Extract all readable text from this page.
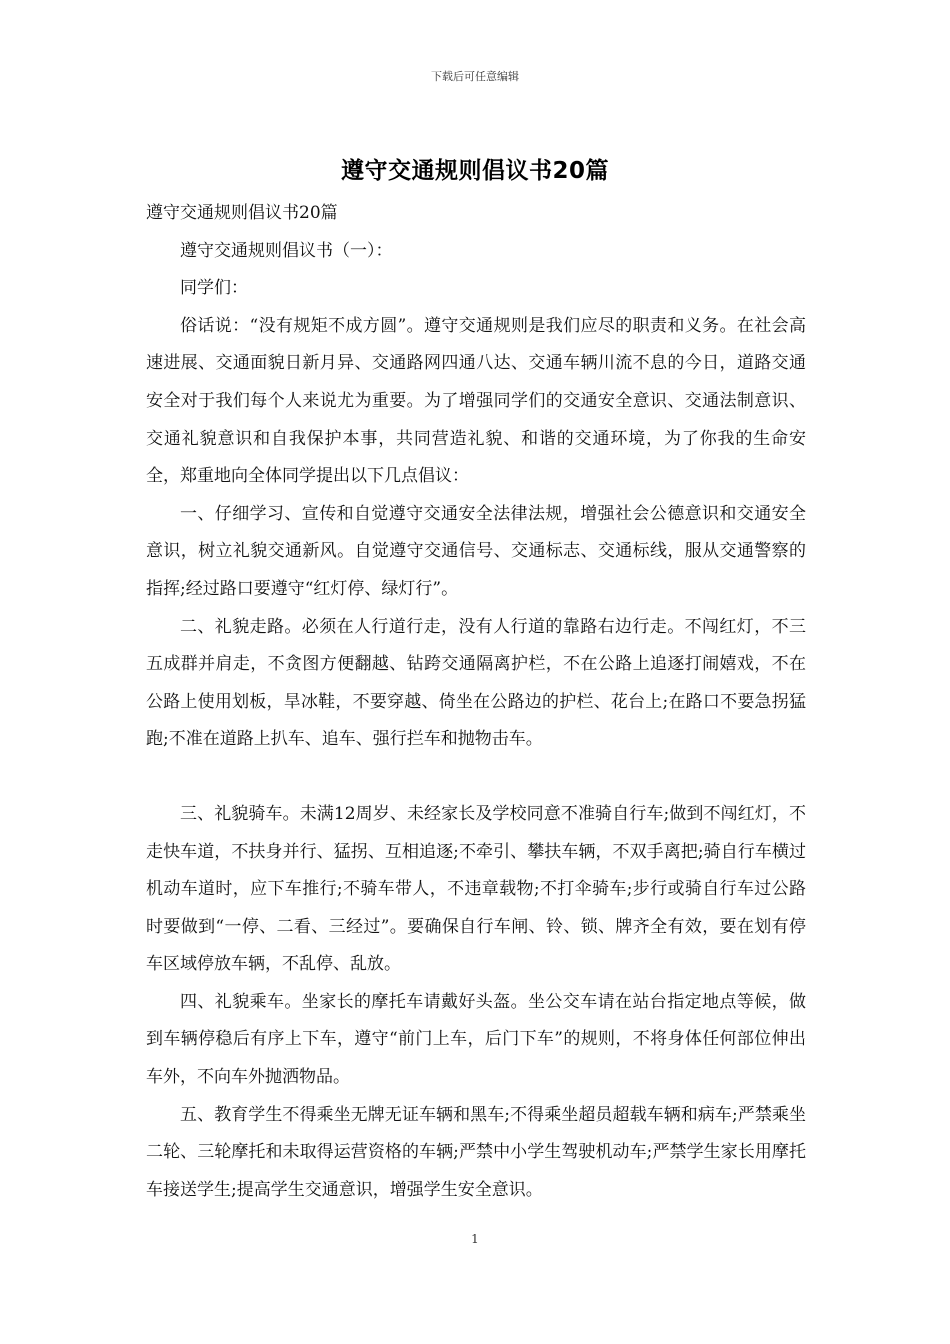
下载后可任意编辑
遵守交通规则倡议书20篇

遵守交通规则倡议书20篇

遵守交通规则倡议书（一）：

同学们：

俗话说：“没有规矩不成方圆”。遵守交通规则是我们应尽的职责和义务。在社会高速进展、交通面貌日新月异、交通路网四通八达、交通车辆川流不息的今日，道路交通安全对于我们每个人来说尤为重要。为了增强同学们的交通安全意识、交通法制意识、交通礼貌意识和自我保护本事，共同营造礼貌、和谐的交通环境，为了你我的生命安全，郑重地向全体同学提出以下几点倡议：

一、仔细学习、宣传和自觉遵守交通安全法律法规，增强社会公德意识和交通安全意识，树立礼貌交通新风。自觉遵守交通信号、交通标志、交通标线，服从交通警察的指挥;经过路口要遵守“红灯停、绿灯行”。

二、礼貌走路。必须在人行道行走，没有人行道的靠路右边行走。不闯红灯，不三五成群并肩走，不贪图方便翻越、钻跨交通隔离护栏，不在公路上追逐打闹嬉戏，不在公路上使用划板，旱冰鞋，不要穿越、倚坐在公路边的护栏、花台上;在路口不要急拐猛跑;不准在道路上扒车、追车、强行拦车和抛物击车。

三、礼貌骑车。未满12周岁、未经家长及学校同意不准骑自行车;做到不闯红灯，不走快车道，不扶身并行、猛拐、互相追逐;不牵引、攀扶车辆，不双手离把;骑自行车横过机动车道时，应下车推行;不骑车带人，不违章载物;不打伞骑车;步行或骑自行车过公路时要做到“一停、二看、三经过”。要确保自行车闸、铃、锁、牌齐全有效，要在划有停车区域停放车辆，不乱停、乱放。

四、礼貌乘车。坐家长的摩托车请戴好头盔。坐公交车请在站台指定地点等候，做到车辆停稳后有序上下车，遵守“前门上车，后门下车”的规则，不将身体任何部位伸出车外，不向车外抛洒物品。

五、教育学生不得乘坐无牌无证车辆和黑车;不得乘坐超员超载车辆和病车;严禁乘坐二轮、三轮摩托和未取得运营资格的车辆;严禁中小学生驾驶机动车;严禁学生家长用摩托车接送学生;提高学生交通意识，增强学生安全意识。

1
